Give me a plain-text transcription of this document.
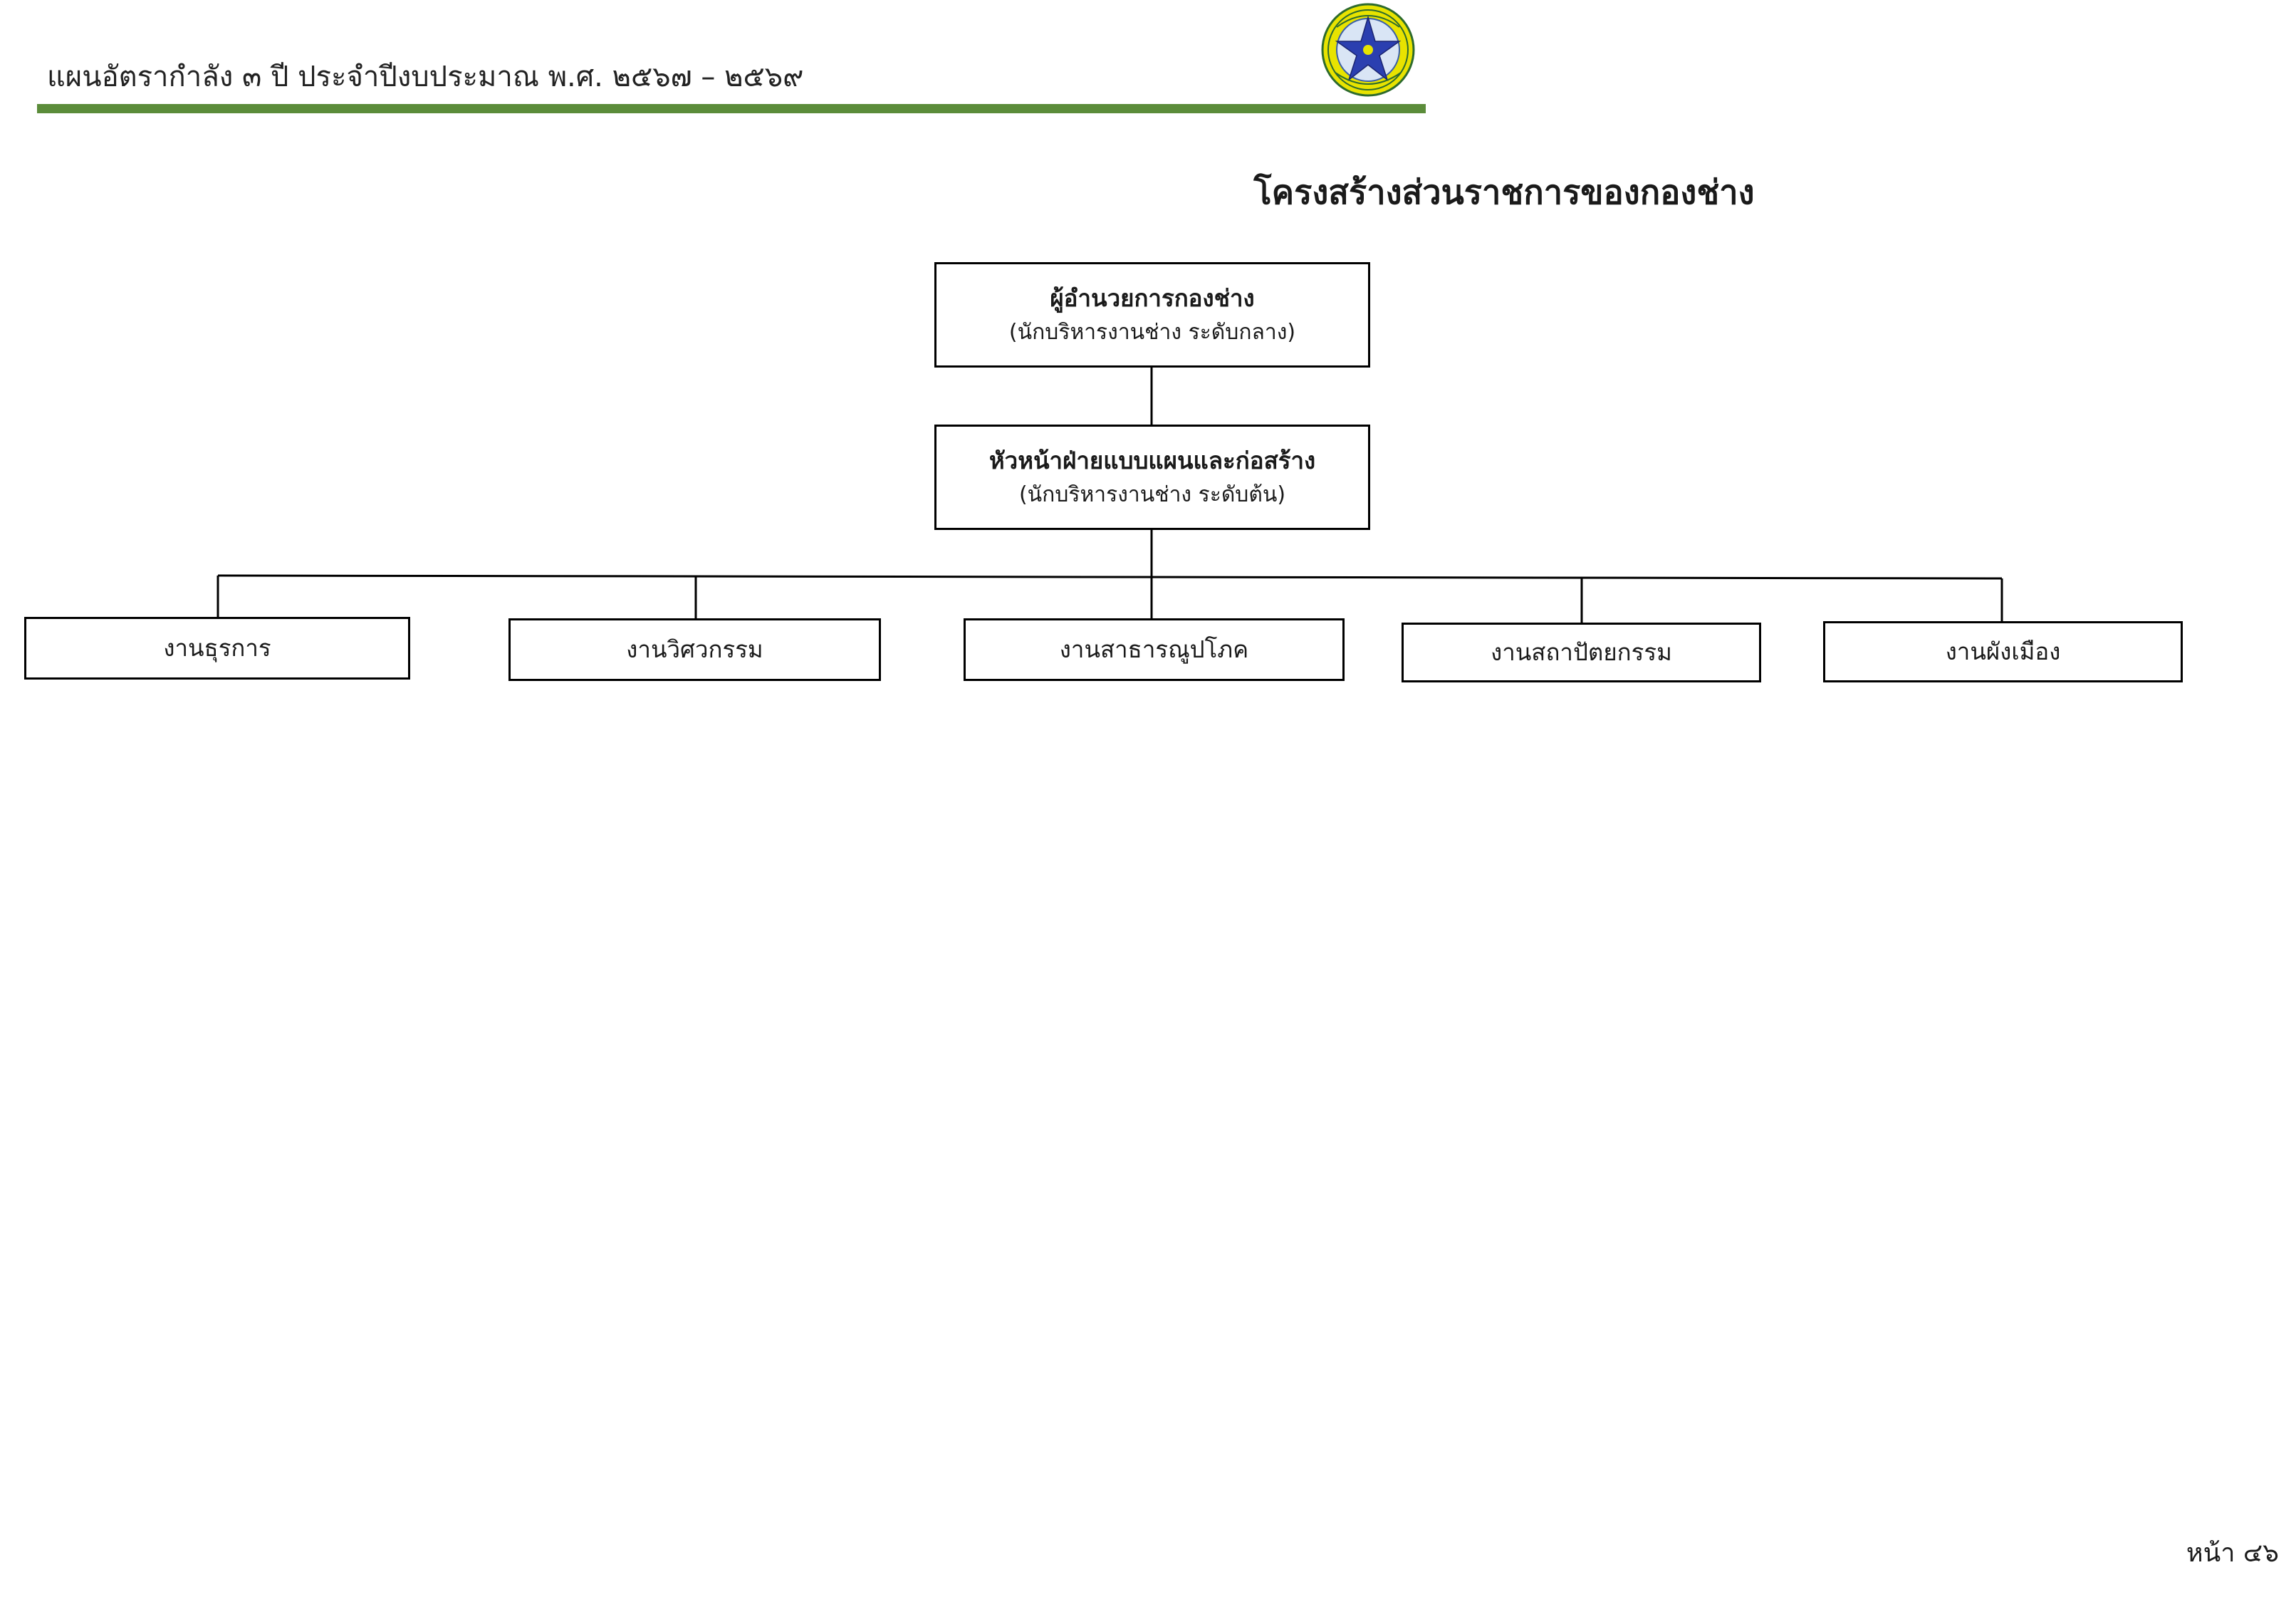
แผนอัตรากำลัง ๓ ปี ประจำปีงบประมาณ พ.ศ. ๒๕๖๗ – ๒๕๖๙
โครงสร้างส่วนราชการของกองช่าง
ผู้อำนวยการกองช่าง
(นักบริหารงานช่าง ระดับกลาง)
หัวหน้าฝ่ายแบบแผนและก่อสร้าง
(นักบริหารงานช่าง ระดับต้น)
งานธุรการ	งานวิศวกรรม	งานสาธารณูปโภค	งานสถาปัตยกรรม	งานผังเมือง
หน้า ๔๖
